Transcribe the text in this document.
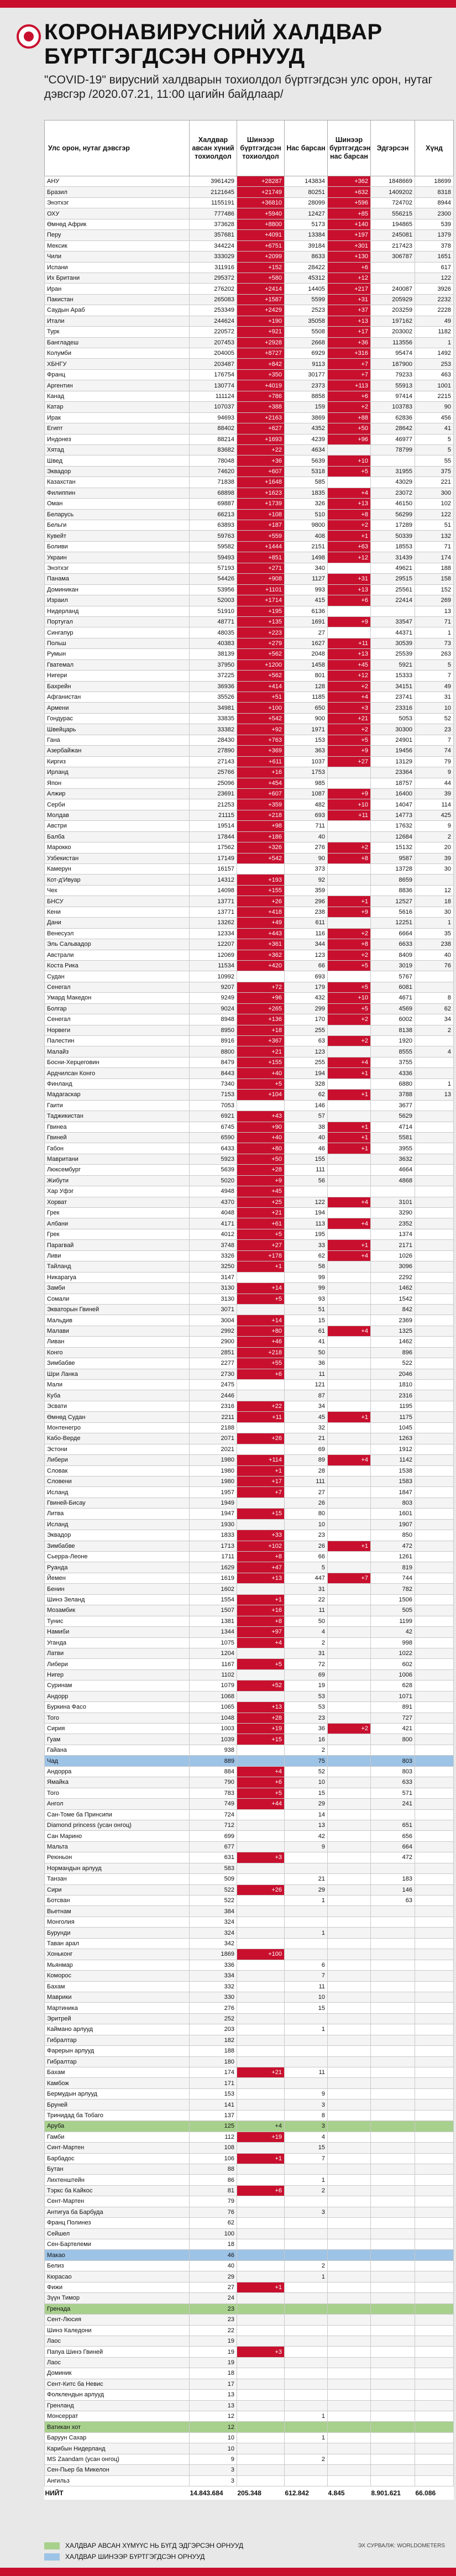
КОРОНАВИРУСНИЙ ХАЛДВАР БҮРТГЭГДСЭН ОРНУУД
"COVID-19" вирусний халдварын тохиолдол бүртгэгдсэн улс орон, нутаг дэвсгэр /2020.07.21, 11:00 цагийн байдлаар/
Улс орон, нутаг дэвсгэр	Халдвар авсан хүний тохиолдол	Шинээр бүртгэгдсэн тохиолдол	Нас барсан	Шинээр бүртгэгдсэн нас барсан	Эдгэрсэн	Хүнд
АНУ	3961429	+28287	143834	+362	1848669	18699
Бразил	2121645	+21749	80251	+632	1409202	8318
Энэтхэг	1155191	+36810	28099	+596	724702	8944
ОХУ	777486	+5940	12427	+85	556215	2300
Өмнөд Африк	373628	+8800	5173	+140	194865	539
Перу	357681	+4091	13384	+197	245081	1379
Мексик	344224	+6751	39184	+301	217423	378
Чили	333029	+2099	8633	+130	306787	1651
Испани	311916	+152	28422	+6		617
Их Британи	295372	+580	45312	+12		122
Иран	276202	+2414	14405	+217	240087	3926
Пакистан	265083	+1587	5599	+31	205929	2232
Саудын Араб	253349	+2429	2523	+37	203259	2228
Итали	244624	+190	35058	+13	197162	49
Турк	220572	+921	5508	+17	203002	1182
Бангладеш	207453	+2928	2668	+36	113556	1
Колумби	204005	+8727	6929	+316	95474	1492
ХБНГУ	203487	+842	9113	+7	187900	253
Франц	176754	+350	30177	+7	79233	463
Аргентин	130774	+4019	2373	+113	55913	1001
Канад	111124	+786	8858	+6	97414	2215
Катар	107037	+388	159	+2	103783	90
Ирак	94693	+2163	3869	+88	62836	456
Египт	88402	+627	4352	+50	28642	41
Индонез	88214	+1693	4239	+96	46977	5
Хятад	83682	+22	4634		78799	5
Швед	78048	+36	5639	+10		55
Эквадор	74620	+607	5318	+5	31955	375
Казахстан	71838	+1648	585		43029	221
Филиппин	68898	+1623	1835	+4	23072	300
Оман	69887	+1739	326	+13	46150	102
Беларусь	66213	+108	510	+8	56299	122
Бельги	63893	+187	9800	+2	17289	51
Кувейт	59763	+559	408	+1	50339	132
Боливи	59582	+1444	2151	+63	18553	71
Украин	59493	+851	1498	+12	31439	174
Энэтхэг	57193	+271	340		49621	188
Панама	54426	+908	1127	+31	29515	158
Доминикан	53956	+1101	993	+13	25561	152
Израил	52003	+1714	415	+6	22414	269
Нидерланд	51910	+195	6136			13
Португал	48771	+135	1691	+9	33547	71
Сингапур	48035	+223	27		44371	1
Польш	40383	+279	1627	+11	30539	73
Румын	38139	+562	2048	+13	25539	263
Гватемал	37950	+1200	1458	+45	5921	5
Нигери	37225	+562	801	+12	15333	7
Бахрейн	36936	+414	128	+2	34151	49
Афганистан	35526	+51	1185	+4	23741	31
Армени	34981	+100	650	+3	23316	10
Гондурас	33835	+542	900	+21	5053	52
Швейцарь	33382	+92	1971	+2	30300	23
Гана	28430	+763	153	+5	24901	7
Азербайжан	27890	+369	363	+9	19456	74
Киргиз	27143	+611	1037	+27	13129	79
Ирланд	25766	+16	1753		23364	9
Япон	25096	+454	985		18757	44
Алжир	23691	+607	1087	+9	16400	39
Серби	21253	+359	482	+10	14047	114
Молдав	21115	+218	693	+11	14773	425
Австри	19514	+98	711		17632	9
Балба	17844	+186	40		12684	2
Марокко	17562	+326	276	+2	15132	20
Узбекистан	17149	+542	90	+8	9587	39
Камерун	16157		373		13728	30
Кот-д'Ивуар	14312	+193	92		8659	
Чех	14098	+155	359		8836	12
БНСУ	13771	+26	296	+1	12527	18
Кени	13771	+418	238	+9	5616	30
Дани	13262	+49	611		12251	1
Венесуэл	12334	+443	116	+2	6664	35
Эль Сальвадор	12207	+361	344	+8	6633	238
Австрали	12069	+362	123	+2	8409	40
Коста Рика	11534	+420	66	+5	3019	76
Судан	10992		693		5767	
Сенегал	9207	+72	179	+5	6081	
Умард Македон	9249	+96	432	+10	4671	8
Болгар	9024	+265	299	+5	4569	62
Сенегал	8948	+136	170	+2	6002	34
Норвеги	8950	+18	255		8138	2
Палестин	8916	+367	63	+2	1920	
Малайз	8800	+21	123		8555	4
Босни-Херцеговин	8479	+155	255	+4	3755	
Ардчилсан Конго	8443	+40	194	+1	4336	
Финланд	7340	+5	328		6880	1
Мадагаскар	7153	+104	62	+1	3788	13
Гаити	7053		146		3677	
Таджикистан	6921	+43	57		5629	
Гвинеа	6745	+90	38	+1	4714	
Гвиней	6590	+40	40	+1	5581	
Габон	6433	+80	46	+1	3955	
Мавритани	5923	+50	155		3632	
Люксембург	5639	+28	111		4664	
Жибути	5020	+9	56		4868	
Хар Уфэг	4948	+45				
Хорват	4370	+25	122	+4	3101	
Грек	4048	+21	194		3290	
Албани	4171	+61	113	+4	2352	
Грек	4012	+5	195		1374	
Парагвай	3748	+27	33	+1	2171	
Ливи	3326	+178	62	+4	1026	
Тайланд	3250	+1	58		3096	
Никарагуа	3147		99		2292	
Замби	3130	+14	99		1462	
Сомали	3130	+5	93		1542	
Экваторын Гвиней	3071		51		842	
Мальдив	3004	+14	15		2369	
Малави	2992	+80	61	+4	1325	
Ливан	2900	+46	41		1462	
Конго	2851	+218	50		896	
Зимбабве	2277	+55	36		522	
Шри Ланка	2730	+6	11		2046	
Мали	2475		121		1810	
Куба	2446		87		2316	
Эсвати	2316	+22	34		1195	
Өмнөд Судан	2211	+11	45	+1	1175	
Монтенегро	2188		32		1045	
Кабо-Верде	2071	+26	21		1263	
Эстони	2021		69		1912	
Либери	1980	+114	89	+4	1142	
Словак	1980	+1	28		1538	
Словени	1980	+17	111		1583	
Исланд	1957	+7	27		1847	
Гвиней-Бисау	1949		26		803	
Литва	1947	+15	80		1601	
Исланд	1930		10		1907	
Эквадор	1833	+33	23		850	
Зимбабве	1713	+102	26	+1	472	
Сьерра-Леоне	1711	+8	66		1261	
Руанда	1629	+47	5		819	
Йемен	1619	+13	447	+7	744	
Бенин	1602		31		782	
Шинэ Зеланд	1554	+1	22		1506	
Мозамбик	1507	+16	11		505	
Тунис	1381	+8	50		1199	
Намиби	1344	+97	4		42	
Уганда	1075	+4	2		998	
Латви	1204		31		1022	
Либери	1167	+5	72		602	
Нигер	1102		69		1006	
Суринам	1079	+52	19		628	
Андорр	1068		53		1071	
Буркина Фасо	1065	+13	53		891	
Того	1048	+28	23		727	
Сирия	1003	+19	36	+2	421	
Гуам	1039	+15	16		800	
Гайана	938		2			
Чад	889		75		803	
Андорра	884	+4	52		803	
Ямайка	790	+6	10		633	
Того	783	+5	15		571	
Ангол	749	+44	29		241	
Сан-Томе ба Принсипи	724		14			
Diamond princess (усан онгоц)	712		13		651	
Сан Марино	699		42		656	
Мальта	677		9		664	
Реюньон	631	+3			472	
Нормандын арлууд	583					
Танзан	509		21		183	
Сири	522	+26	29		146	
Ботсван	522		1		63	
Вьетнам	384					
Монголия	324					
Бурунди	324		1			
Таван арал	342					
Хоньконг	1869	+100				
Мьянмар	336		6			
Коморос	334		7			
Бахам	332		11			
Маврики	330		10			
Мартиника	276		15			
Эритрей	252					
Каймано арлууд	203		1			
Гибралтар	182					
Фарерын арлууд	188					
Гибралтар	180					
Бахам	174	+21	11			
Камбож	171					
Бермудын арлууд	153		9			
Бруней	141		3			
Тринидад ба Тобаго	137		8			
Аруба	125	+4	3			
Гамби	112	+19	4			
Синт-Мартен	108		15			
Барбадос	106	+1	7			
Бутан	88					
Лихтенштейн	86		1			
Тэркс ба Кайкос	81	+6	2			
Сент-Мартен	79					
Антигуа ба Барбуда	76		3			
Франц Полинез	62					
Сейшел	100					
Сен-Бартелеми	18					
Макао	46					
Белиз	40		2			
Кюрасао	29		1			
Фижи	27	+1				
Зүүн Тимор	24					
Гренада	23					
Сент-Люсия	23					
Шинэ Каледони	22					
Лаос	19					
Папуа Шинэ Гвиней	19	+3				
Лаос	19					
Доминик	18					
Сент-Китс ба Невис	17					
Фолклендын арлууд	13					
Гренланд	13					
Монсеррат	12		1			
Ватикан хот	12					
Баруун Сахар	10		1			
Карибын Нидерланд	10					
MS Zaandam (усан онгоц)	9		2			
Сен-Пьер ба Микелон	3					
Ангильз	3					
НИЙТ	14.843.684	205.348	612.842	4.845	8.901.621	66.086
ХАЛДВАР АВСАН ХҮМҮҮС НЬ БҮГД ЭДГЭРСЭН ОРНУУД
ХАЛДВАР ШИНЭЭР БҮРТГЭГДСЭН ОРНУУД
ЭХ СУРВАЛЖ: WORLDOMETERS
